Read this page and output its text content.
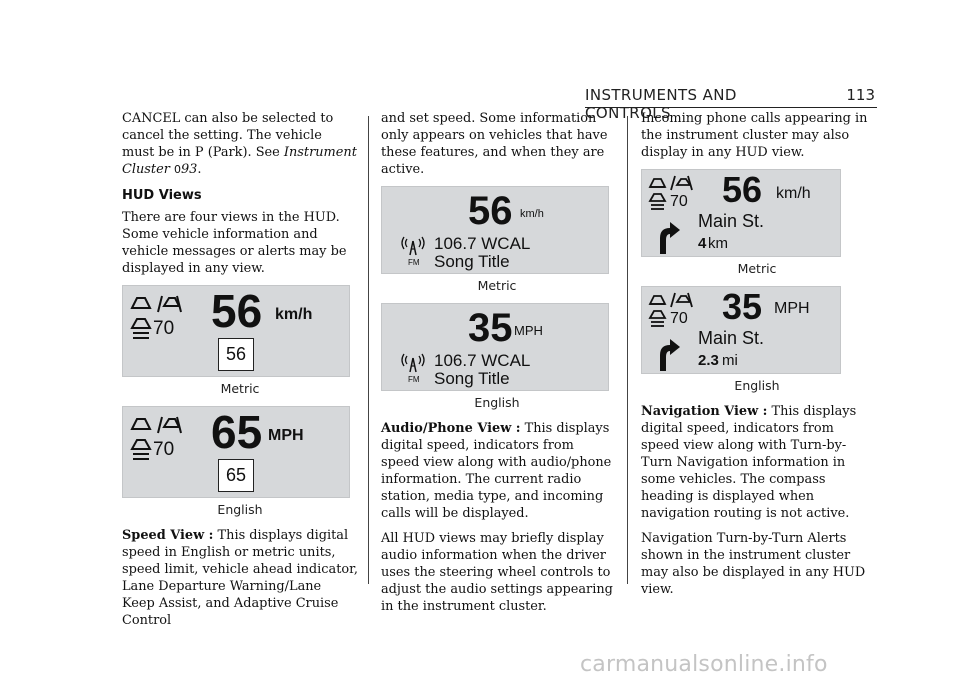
INSTRUMENTS AND CONTROLS
113

CANCEL can also be selected to cancel the setting. The vehicle must be in P (Park). See Instrument Cluster 093.

HUD Views

There are four views in the HUD. Some vehicle information and vehicle messages or alerts may be displayed in any view.

70 56 km/h
56
Metric
70 65 MPH
65
English

Speed View : This displays digital speed in English or metric units, speed limit, vehicle ahead indicator, Lane Departure Warning/Lane Keep Assist, and Adaptive Cruise Control

and set speed. Some information only appears on vehicles that have these features, and when they are active.

56 km/h
FM
106.7 WCAL
Song Title
Metric
35 MPH
FM
106.7 WCAL
Song Title
English

Audio/Phone View : This displays digital speed, indicators from speed view along with audio/phone information. The current radio station, media type, and incoming calls will be displayed.

All HUD views may briefly display audio information when the driver uses the steering wheel controls to adjust the audio settings appearing in the instrument cluster.

Incoming phone calls appearing in the instrument cluster may also display in any HUD view.

70 56 km/h
Main St.
4 km
Metric
70 35 MPH
Main St.
2.3 mi
English

Navigation View : This displays digital speed, indicators from speed view along with Turn-by-Turn Navigation information in some vehicles. The compass heading is displayed when navigation routing is not active.

Navigation Turn-by-Turn Alerts shown in the instrument cluster may also be displayed in any HUD view.

carmanualsonline.info
